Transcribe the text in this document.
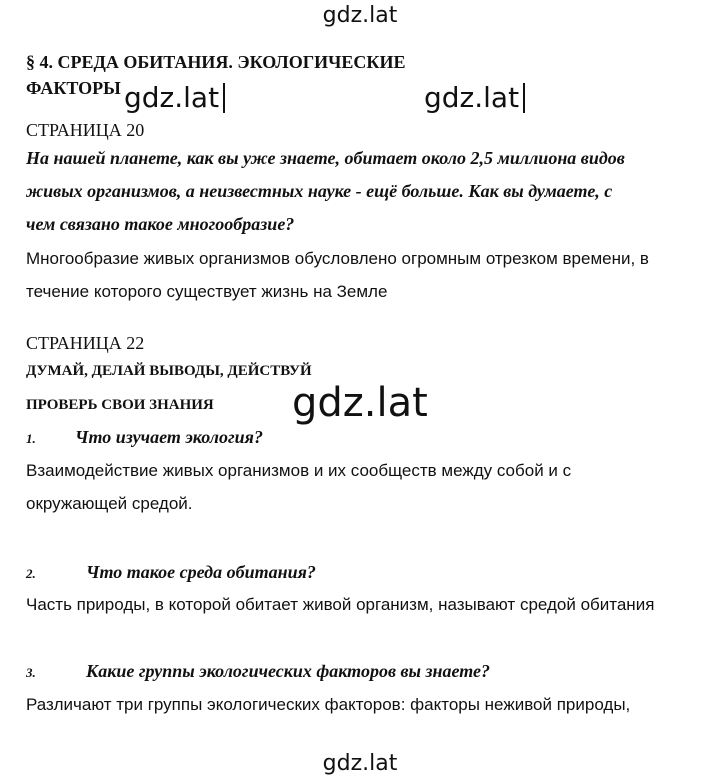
gdz.lat
§ 4. СРЕДА ОБИТАНИЯ. ЭКОЛОГИЧЕСКИЕ
ФАКТОРЫ gdz.lat	gdz.lat
СТРАНИЦА 20
На нашей планете, как вы уже знаете, обитает около 2,5 миллиона видов
живых организмов, а неизвестных науке - ещё больше. Как вы думаете, с
чем связано такое многообразие?
Многообразие живых организмов обусловлено огромным отрезком времени, в
течение которого существует жизнь на Земле
СТРАНИЦА 22
ДУМАЙ, ДЕЛАЙ ВЫВОДЫ, ДЕЙСТВУЙ
ПРОВЕРЬ СВОИ ЗНАНИЯ gdz.lat
1. Что изучает экология?
Взаимодействие живых организмов и их сообществ между собой и с
окружающей средой.
2.	Что такое среда обитания?
Часть природы, в которой обитает живой организм, называют средой обитания
3.	Какие группы экологических факторов вы знаете?
Различают три группы экологических факторов: факторы неживой природы,
gdz.lat
